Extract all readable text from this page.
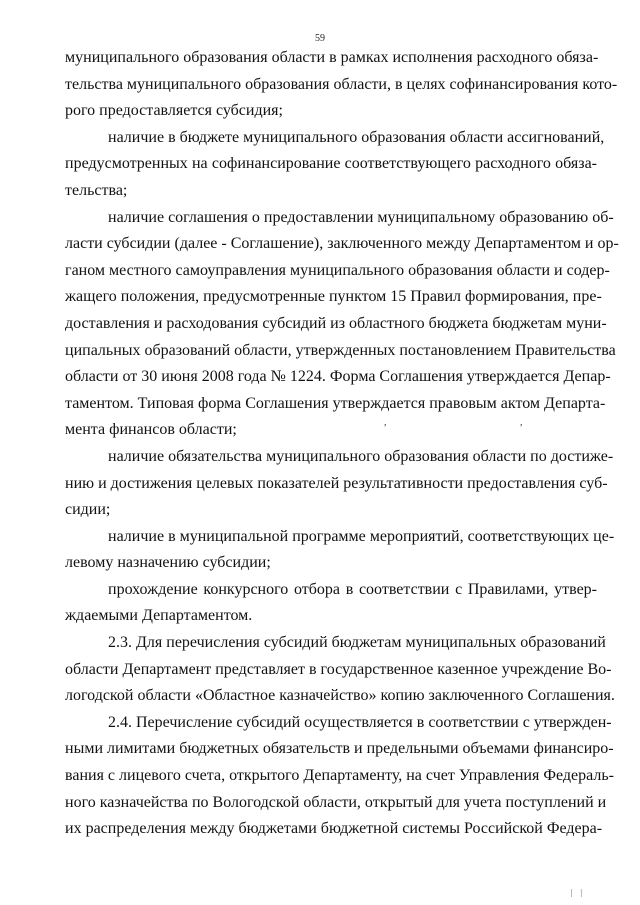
59
муниципального образования области в рамках исполнения расходного обяза-
тельства муниципального образования области, в целях софинансирования кото-
рого предоставляется субсидия;
наличие в бюджете муниципального образования области ассигнований,
предусмотренных на софинансирование соответствующего расходного обяза-
тельства;
наличие соглашения о предоставлении муниципальному образованию об-
ласти субсидии (далее - Соглашение), заключенного между Департаментом и ор-
ганом местного самоуправления муниципального образования области и содер-
жащего положения, предусмотренные пунктом 15 Правил формирования, пре-
доставления и расходования субсидий из областного бюджета бюджетам муни-
ципальных образований области, утвержденных постановлением Правительства
области от 30 июня 2008 года № 1224. Форма Соглашения утверждается Депар-
таментом. Типовая форма Соглашения утверждается правовым актом Департа-
мента финансов области;
наличие обязательства муниципального образования области по достиже-
нию и достижения целевых показателей результативности предоставления суб-
сидии;
наличие в муниципальной программе мероприятий, соответствующих це-
левому назначению субсидии;
прохождение конкурсного отбора в соответствии с Правилами, утвер-
ждаемыми Департаментом.
2.3. Для перечисления субсидий бюджетам муниципальных образований
области Департамент представляет в государственное казенное учреждение Во-
логодской области «Областное казначейство» копию заключенного Соглашения.
2.4. Перечисление субсидий осуществляется в соответствии с утвержден-
ными лимитами бюджетных обязательств и предельными объемами финансиро-
вания с лицевого счета, открытого Департаменту, на счет Управления Федераль-
ного казначейства по Вологодской области, открытый для учета поступлений и
их распределения между бюджетами бюджетной системы Российской Федера-
,	,
| |
